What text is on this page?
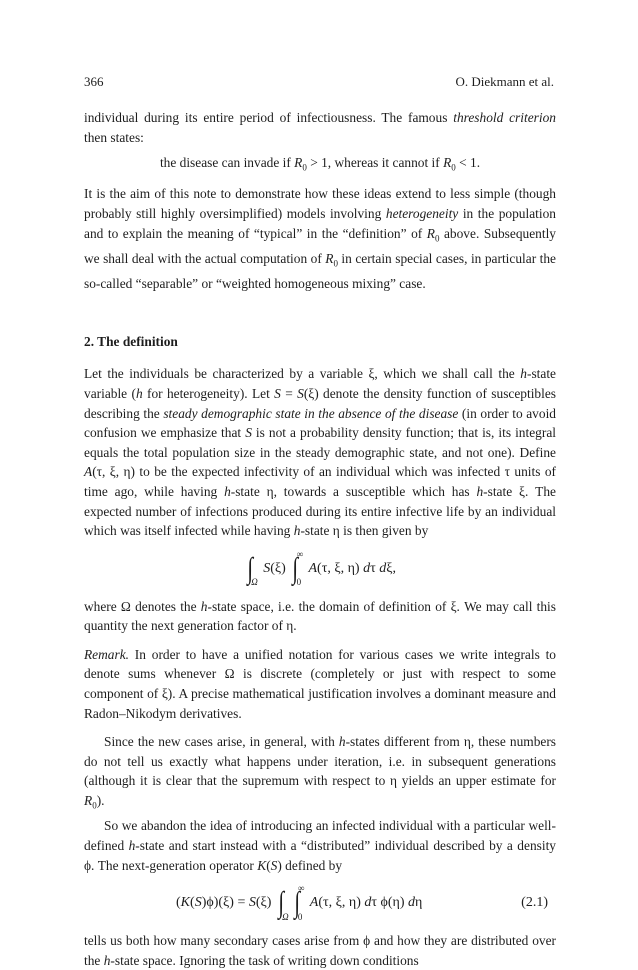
366	O. Diekmann et al.

individual during its entire period of infectiousness. The famous threshold criterion then states:

the disease can invade if $R_0 > 1$, whereas it cannot if $R_0 < 1$.

It is the aim of this note to demonstrate how these ideas extend to less simple (though probably still highly oversimplified) models involving heterogeneity in the population and to explain the meaning of “typical” in the “definition” of $R_0$ above. Subsequently we shall deal with the actual computation of $R_0$ in certain special cases, in particular the so-called “separable” or “weighted homogeneous mixing” case.

2. The definition

Let the individuals be characterized by a variable ξ, which we shall call the h-state variable (h for heterogeneity). Let S = S(ξ) denote the density function of susceptibles describing the steady demographic state in the absence of the disease (in order to avoid confusion we emphasize that S is not a probability density function; that is, its integral equals the total population size in the steady demographic state, and not one). Define A(τ, ξ, η) to be the expected infectivity of an individual which was infected τ units of time ago, while having h-state η, towards a susceptible which has h-state ξ. The expected number of infections produced during its entire infective life by an individual which was itself infected while having h-state η is then given by

∫

Ω
S(ξ) ∫
∞
0
A(τ, ξ, η) dτ dξ,

where Ω denotes the h-state space, i.e. the domain of definition of ξ. We may call this quantity the next generation factor of η.

Remark. In order to have a unified notation for various cases we write integrals to denote sums whenever Ω is discrete (completely or just with respect to some component of ξ). A precise mathematical justification involves a dominant measure and Radon–Nikodym derivatives.

Since the new cases arise, in general, with h-states different from η, these numbers do not tell us exactly what happens under iteration, i.e. in subsequent generations (although it is clear that the supremum with respect to η yields an upper estimate for $R_0$).

So we abandon the idea of introducing an infected individual with a particular well-defined h-state and start instead with a “distributed” individual described by a density ϕ. The next-generation operator K(S) defined by

(K(S)ϕ)(ξ) = S(ξ) ∫

Ω ∫
∞
0
A(τ, ξ, η) dτ ϕ(η) dη	(2.1)

tells us both how many secondary cases arise from ϕ and how they are distributed over the h-state space. Ignoring the task of writing down conditions
